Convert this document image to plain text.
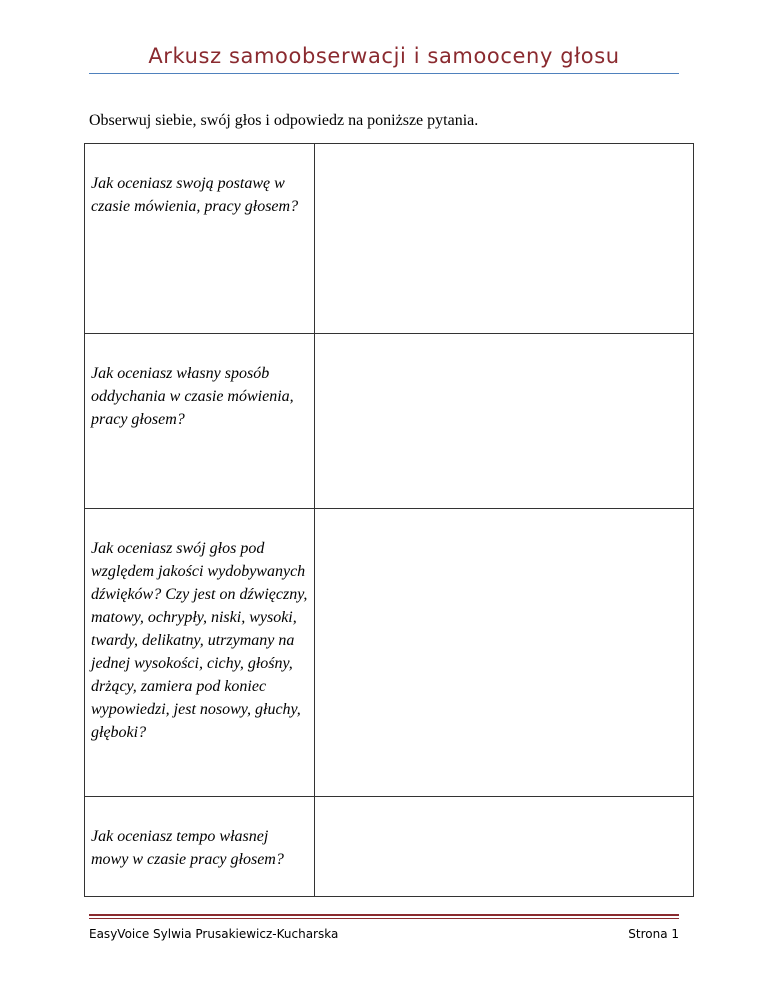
Arkusz samoobserwacji i samooceny głosu
Obserwuj siebie, swój głos i odpowiedz na poniższe pytania.
Jak oceniasz swoją postawę w czasie mówienia, pracy głosem?	
Jak oceniasz własny sposób oddychania w czasie mówienia, pracy głosem?	
Jak oceniasz swój głos pod względem jakości wydobywanych dźwięków? Czy jest on dźwięczny, matowy, ochrypły, niski, wysoki, twardy, delikatny, utrzymany na jednej wysokości, cichy, głośny, drżący, zamiera pod koniec wypowiedzi, jest nosowy, głuchy, głęboki?	
Jak oceniasz tempo własnej mowy w czasie pracy głosem?	
EasyVoice Sylwia Prusakiewicz-Kucharska	Strona 1
